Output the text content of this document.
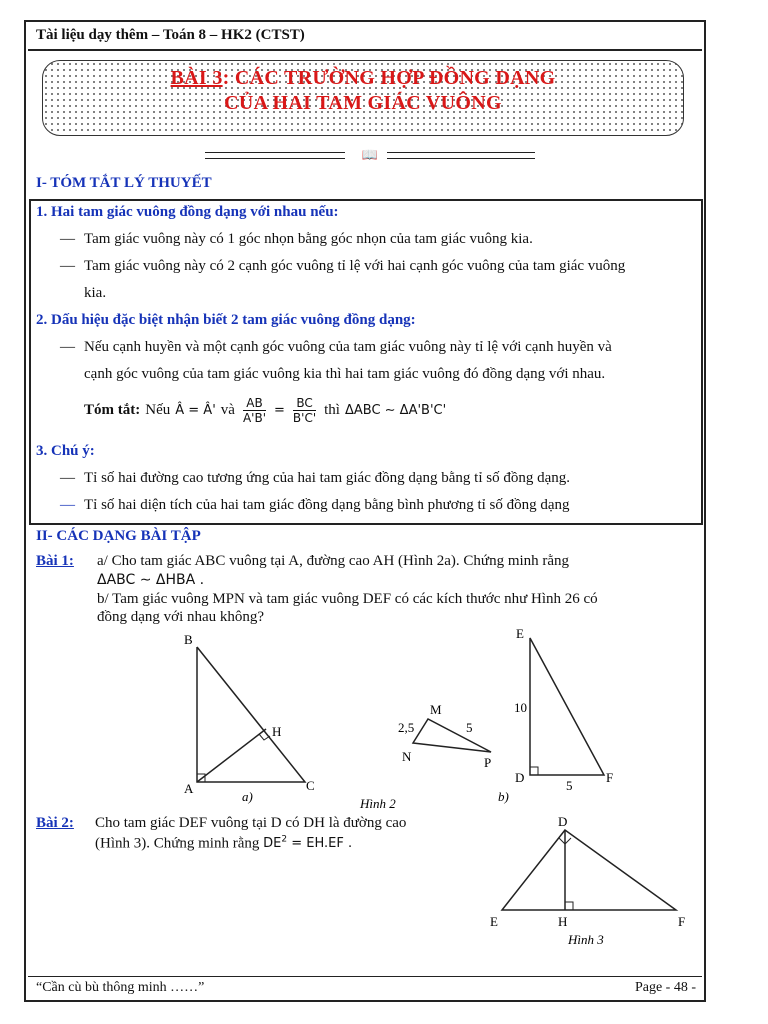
Tài liệu dạy thêm – Toán 8 – HK2 (CTST)
BÀI 3: CÁC TRƯỜNG HỢP ĐỒNG DẠNG
CỦA HAI TAM GIÁC VUÔNG
📖
I- TÓM TẮT LÝ THUYẾT
1. Hai tam giác vuông đồng dạng với nhau nếu:
— Tam giác vuông này có 1 góc nhọn bằng góc nhọn của tam giác vuông kia.
— Tam giác vuông này có 2 cạnh góc vuông tỉ lệ với hai cạnh góc vuông của tam giác vuông
kia.
2. Dấu hiệu đặc biệt nhận biết 2 tam giác vuông đồng dạng:
— Nếu cạnh huyền và một cạnh góc vuông của tam giác vuông này tỉ lệ với cạnh huyền và
cạnh góc vuông của tam giác vuông kia thì hai tam giác vuông đó đồng dạng với nhau.
Tóm tắt: Nếu Â = Â' và $\frac{AB}{A'B'} = \frac{BC}{B'C'}$ thì ΔABC ∼ ΔA'B'C'
3. Chú ý:
— Tỉ số hai đường cao tương ứng của hai tam giác đồng dạng bằng tỉ số đồng dạng.
— Tỉ số hai diện tích của hai tam giác đồng dạng bằng bình phương tỉ số đồng dạng
II- CÁC DẠNG BÀI TẬP
Bài 1: a/ Cho tam giác ABC vuông tại A, đường cao AH (Hình 2a). Chứng minh rằng
ΔABC ∼ ΔHBA .
b/ Tam giác vuông MPN và tam giác vuông DEF có các kích thước như Hình 26 có
đồng dạng với nhau không?
B
H
A	C
a)
M
N	P
2,5	5
Hình 2
E
10
D	F
5
b)
Bài 2: Cho tam giác DEF vuông tại D có DH là đường cao
(Hình 3). Chứng minh rằng $DE^2 = EH.EF$ .
D
E	H	F
Hình 3
“Cần cù bù thông minh ……”	Page - 48 -
